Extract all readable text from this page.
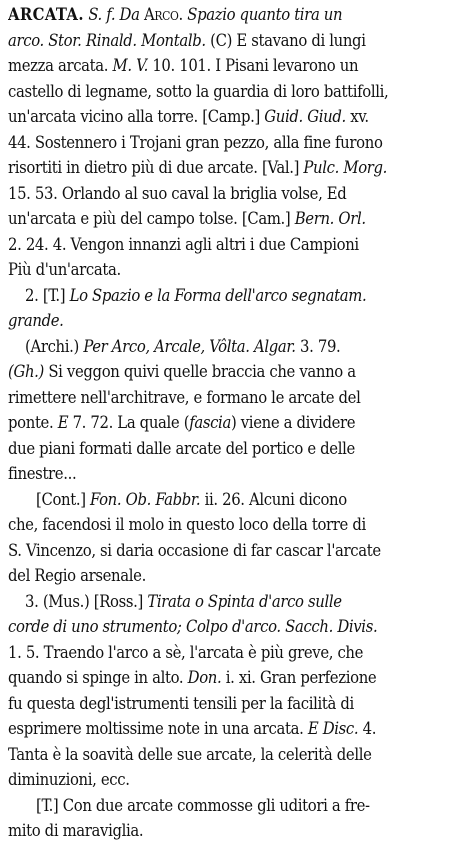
ARCATA. S. f. Da Arco. Spazio quanto tira un
arco. Stor. Rinald. Montalb. (C) E stavano di lungi
mezza arcata. M. V. 10. 101. I Pisani levarono un
castello di legname, sotto la guardia di loro battifolli,
un'arcata vicino alla torre. [Camp.] Guid. Giud. xv.
44. Sostennero i Trojani gran pezzo, alla fine furono
risortiti in dietro più di due arcate. [Val.] Pulc. Morg.
15. 53. Orlando al suo caval la briglia volse, Ed
un'arcata e più del campo tolse. [Cam.] Bern. Orl.
2. 24. 4. Vengon innanzi agli altri i due Campioni
Più d'un'arcata.
2. [T.] Lo Spazio e la Forma dell'arco segnatam.
grande.
(Archi.) Per Arco, Arcale, Vôlta. Algar. 3. 79.
(Gh.) Si veggon quivi quelle braccia che vanno a
rimettere nell'architrave, e formano le arcate del
ponte. E 7. 72. La quale (fascia) viene a dividere
due piani formati dalle arcate del portico e delle
finestre...
[Cont.] Fon. Ob. Fabbr. ii. 26. Alcuni dicono
che, facendosi il molo in questo loco della torre di
S. Vincenzo, si daria occasione di far cascar l'arcate
del Regio arsenale.
3. (Mus.) [Ross.] Tirata o Spinta d'arco sulle
corde di uno strumento; Colpo d'arco. Sacch. Divis.
1. 5. Traendo l'arco a sè, l'arcata è più greve, che
quando si spinge in alto. Don. i. xi. Gran perfezione
fu questa degl'istrumenti tensili per la facilità di
esprimere moltissime note in una arcata. E Disc. 4.
Tanta è la soavità delle sue arcate, la celerità delle
diminuzioni, ecc.
[T.] Con due arcate commosse gli uditori a fre-
mito di maraviglia.
